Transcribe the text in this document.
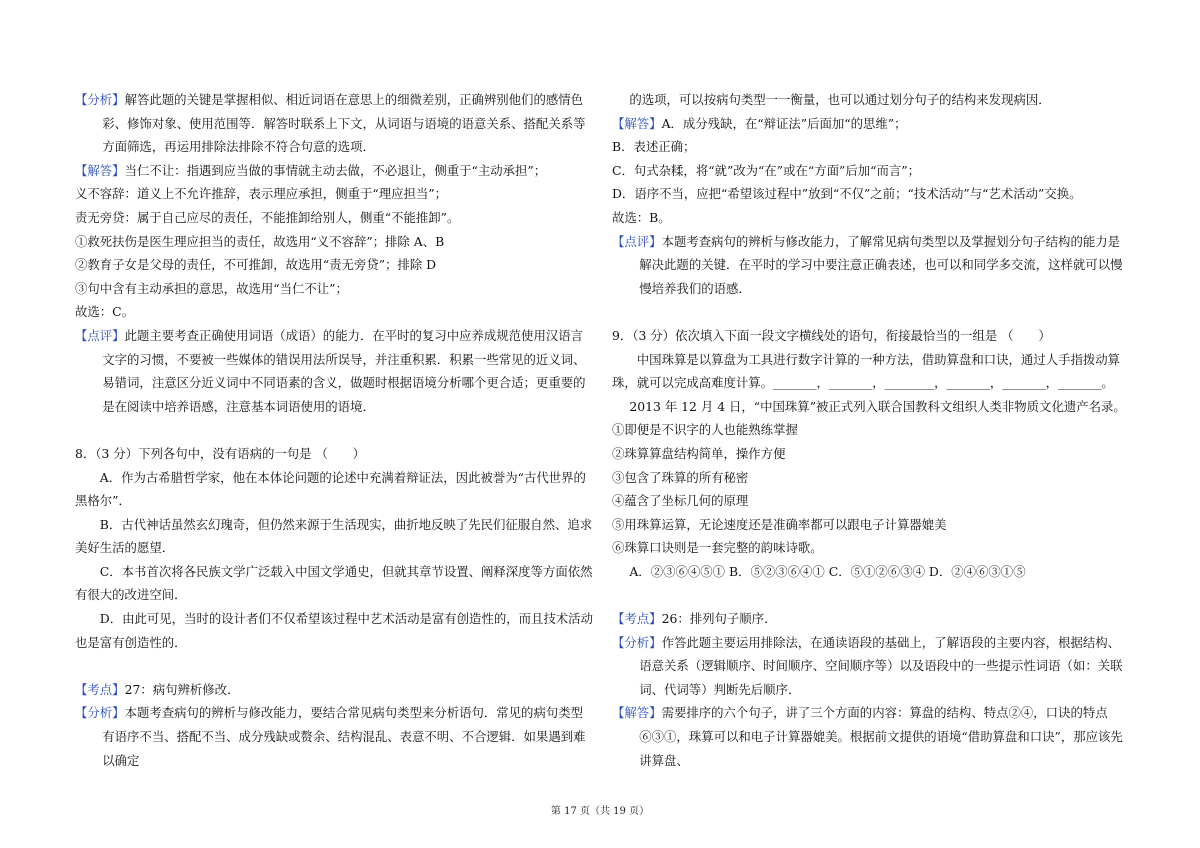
【分析】解答此题的关键是掌握相似、相近词语在意思上的细微差别，正确辨别他们的感情色彩、修饰对象、使用范围等．解答时联系上下文，从词语与语境的语意关系、搭配关系等方面筛选，再运用排除法排除不符合句意的选项．

【解答】当仁不让：指遇到应当做的事情就主动去做，不必退让，侧重于“主动承担”；

义不容辞：道义上不允许推辞，表示理应承担，侧重于“理应担当”；

责无旁贷：属于自己应尽的责任，不能推卸给别人，侧重“不能推卸”。

①救死扶伤是医生理应担当的责任，故选用“义不容辞”；排除 A、B

②教育子女是父母的责任，不可推卸，故选用“责无旁贷”；排除 D

③句中含有主动承担的意思，故选用“当仁不让”；

故选：C。

【点评】此题主要考查正确使用词语（成语）的能力．在平时的复习中应养成规范使用汉语言文字的习惯，不要被一些媒体的错误用法所误导，并注重积累．积累一些常见的近义词、易错词，注意区分近义词中不同语素的含义，做题时根据语境分析哪个更合适；更重要的是在阅读中培养语感，注意基本词语使用的语境．

8．（3 分）下列各句中，没有语病的一句是 （　　）

A．作为古希腊哲学家，他在本体论问题的论述中充满着辩证法，因此被誉为“古代世界的黑格尔”．

B．古代神话虽然玄幻瑰奇，但仍然来源于生活现实，曲折地反映了先民们征服自然、追求美好生活的愿望．

C．本书首次将各民族文学广泛载入中国文学通史，但就其章节设置、阐释深度等方面依然有很大的改进空间．

D．由此可见，当时的设计者们不仅希望该过程中艺术活动是富有创造性的，而且技术活动也是富有创造性的．

【考点】27：病句辨析修改．

【分析】本题考查病句的辨析与修改能力，要结合常见病句类型来分析语句．常见的病句类型有语序不当、搭配不当、成分残缺或赘余、结构混乱、表意不明、不合逻辑．如果遇到难以确定

的选项，可以按病句类型一一衡量，也可以通过划分句子的结构来发现病因．

【解答】A．成分残缺，在“辩证法”后面加“的思维”；

B．表述正确；

C．句式杂糅，将“就”改为“在”或在“方面”后加“而言”；

D．语序不当，应把“希望该过程中”放到“不仅”之前；“技术活动”与“艺术活动”交换。

故选：B。

【点评】本题考查病句的辨析与修改能力，了解常见病句类型以及掌握划分句子结构的能力是解决此题的关键．在平时的学习中要注意正确表述，也可以和同学多交流，这样就可以慢慢培养我们的语感．

9．（3 分）依次填入下面一段文字横线处的语句，衔接最恰当的一组是 （　　）

中国珠算是以算盘为工具进行数字计算的一种方法，借助算盘和口诀，通过人手指拨动算珠，就可以完成高难度计算。_______，_______，________，_______，_______，_______。

2013 年 12 月 4 日，“中国珠算”被正式列入联合国教科文组织人类非物质文化遗产名录。

①即便是不识字的人也能熟练掌握

②珠算算盘结构简单，操作方便

③包含了珠算的所有秘密

④蕴含了坐标几何的原理

⑤用珠算运算，无论速度还是准确率都可以跟电子计算器媲美

⑥珠算口诀则是一套完整的韵味诗歌。

A．②③⑥④⑤① B．⑤②③⑥④① C．⑤①②⑥③④ D．②④⑥③①⑤

【考点】26：排列句子顺序．

【分析】作答此题主要运用排除法，在通读语段的基础上，了解语段的主要内容，根据结构、语意关系（逻辑顺序、时间顺序、空间顺序等）以及语段中的一些提示性词语（如：关联词、代词等）判断先后顺序．

【解答】需要排序的六个句子，讲了三个方面的内容：算盘的结构、特点②④，口诀的特点⑥③①，珠算可以和电子计算器媲美。根据前文提供的语境“借助算盘和口诀”，那应该先讲算盘、

第 17 页（共 19 页）
